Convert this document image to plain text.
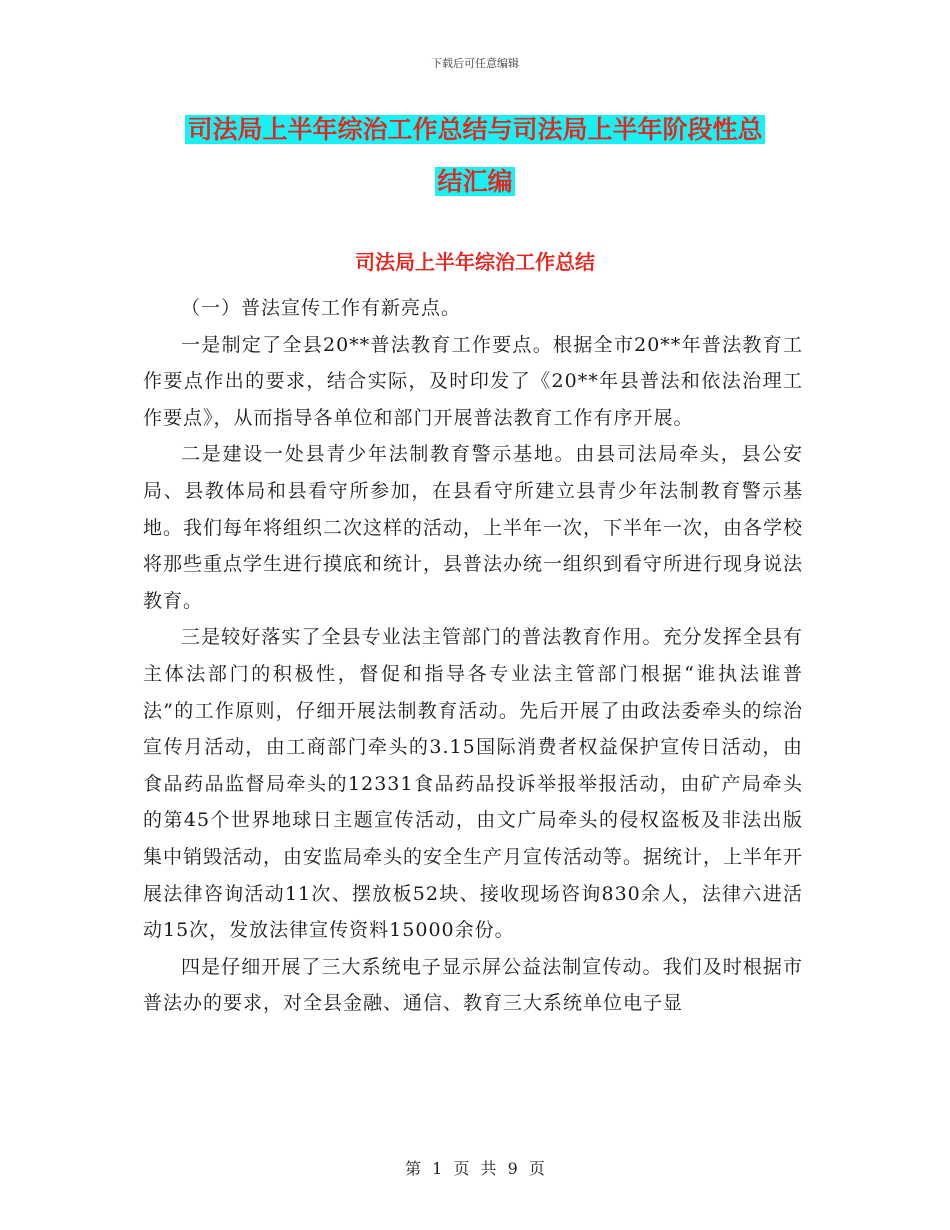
下载后可任意编辑
司法局上半年综治工作总结与司法局上半年阶段性总
结汇编
司法局上半年综治工作总结

（一）普法宣传工作有新亮点。

一是制定了全县20**普法教育工作要点。根据全市20**年普法教育工作要点作出的要求，结合实际，及时印发了《20**年县普法和依法治理工作要点》，从而指导各单位和部门开展普法教育工作有序开展。

二是建设一处县青少年法制教育警示基地。由县司法局牵头，县公安局、县教体局和县看守所参加，在县看守所建立县青少年法制教育警示基地。我们每年将组织二次这样的活动，上半年一次，下半年一次，由各学校将那些重点学生进行摸底和统计，县普法办统一组织到看守所进行现身说法教育。

三是较好落实了全县专业法主管部门的普法教育作用。充分发挥全县有主体法部门的积极性，督促和指导各专业法主管部门根据“谁执法谁普法”的工作原则，仔细开展法制教育活动。先后开展了由政法委牵头的综治宣传月活动，由工商部门牵头的3.15国际消费者权益保护宣传日活动，由食品药品监督局牵头的12331食品药品投诉举报举报活动，由矿产局牵头的第45个世界地球日主题宣传活动，由文广局牵头的侵权盗板及非法出版集中销毁活动，由安监局牵头的安全生产月宣传活动等。据统计，上半年开展法律咨询活动11次、摆放板52块、接收现场咨询830余人，法律六进活动15次，发放法律宣传资料15000余份。

四是仔细开展了三大系统电子显示屏公益法制宣传动。我们及时根据市普法办的要求，对全县金融、通信、教育三大系统单位电子显

第 1 页 共 9 页
